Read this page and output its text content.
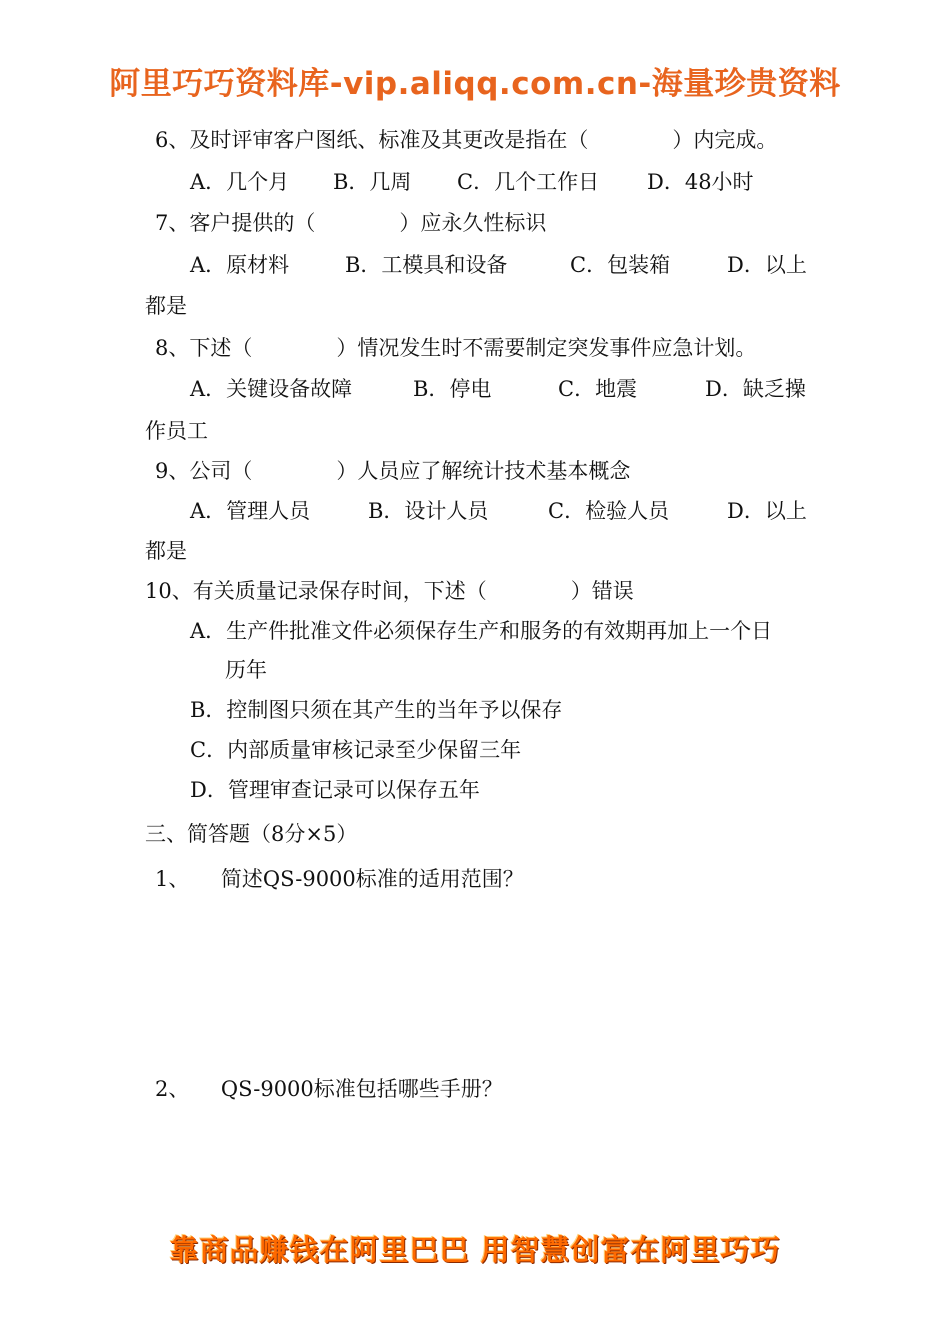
阿里巧巧资料库-vip.aliqq.com.cn-海量珍贵资料
6、及时评审客户图纸、标准及其更改是指在（　　　　）内完成。
A．几个月 B．几周 C．几个工作日 D．48小时
7、客户提供的（　　　　）应永久性标识
A．原材料	B．工模具和设备	C．包装箱	D．以上
都是
8、下述（　　　　）情况发生时不需要制定突发事件应急计划。
A．关键设备故障	B．停电	C．地震	D．缺乏操
作员工
9、公司（　　　　）人员应了解统计技术基本概念
A．管理人员	B．设计人员	C．检验人员	D．以上
都是
10、有关质量记录保存时间，下述（　　　　）错误
A．生产件批准文件必须保存生产和服务的有效期再加上一个日
历年
B．控制图只须在其产生的当年予以保存
C．内部质量审核记录至少保留三年
D．管理审查记录可以保存五年
三、简答题（8分×5）
1、　　简述QS-9000标准的适用范围？
2、　　QS-9000标准包括哪些手册？
靠商品赚钱在阿里巴巴 用智慧创富在阿里巧巧
